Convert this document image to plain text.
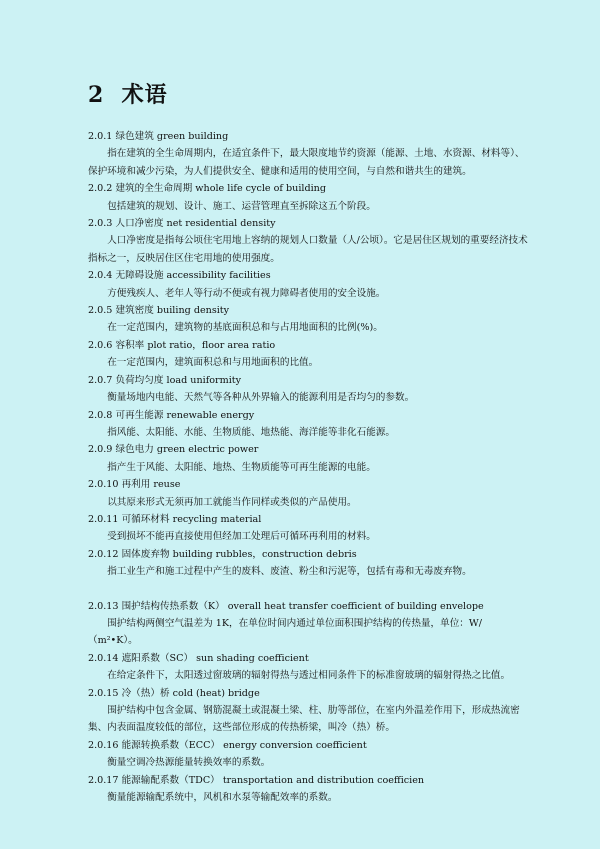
2 术语
2.0.1 绿色建筑 green building
指在建筑的全生命周期内，在适宜条件下，最大限度地节约资源（能源、土地、水资源、材料等）、保护环境和减少污染，为人们提供安全、健康和适用的使用空间，与自然和谐共生的建筑。
2.0.2 建筑的全生命周期 whole life cycle of building
包括建筑的规划、设计、施工、运营管理直至拆除这五个阶段。
2.0.3 人口净密度 net residential density
人口净密度是指每公顷住宅用地上容纳的规划人口数量（人/公顷）。它是居住区规划的重要经济技术指标之一，反映居住区住宅用地的使用强度。
2.0.4 无障碍设施 accessibility facilities
方便残疾人、老年人等行动不便或有视力障碍者使用的安全设施。
2.0.5 建筑密度 builing density
在一定范围内，建筑物的基底面积总和与占用地面积的比例(%)。
2.0.6 容积率 plot ratio，floor area ratio
在一定范围内，建筑面积总和与用地面积的比值。
2.0.7 负荷均匀度 load uniformity
衡量场地内电能、天然气等各种从外界输入的能源利用是否均匀的参数。
2.0.8 可再生能源 renewable energy
指风能、太阳能、水能、生物质能、地热能、海洋能等非化石能源。
2.0.9 绿色电力 green electric power
指产生于风能、太阳能、地热、生物质能等可再生能源的电能。
2.0.10 再利用 reuse
以其原来形式无须再加工就能当作同样或类似的产品使用。
2.0.11 可循环材料 recycling material
受到损坏不能再直接使用但经加工处理后可循环再利用的材料。
2.0.12 固体废弃物 building rubbles，construction debris
指工业生产和施工过程中产生的废料、废渣、粉尘和污泥等，包括有毒和无毒废弃物。
2.0.13 围护结构传热系数（K） overall heat transfer coefficient of building envelope
围护结构两侧空气温差为 1K，在单位时间内通过单位面积围护结构的传热量，单位：W/（m²•K）。
2.0.14 遮阳系数（SC） sun shading coefficient
在给定条件下，太阳透过窗玻璃的辐射得热与透过相同条件下的标准窗玻璃的辐射得热之比值。
2.0.15 冷（热）桥 cold (heat) bridge
围护结构中包含金属、钢筋混凝土或混凝土梁、柱、肋等部位，在室内外温差作用下，形成热流密集、内表面温度较低的部位，这些部位形成的传热桥梁，叫冷（热）桥。
2.0.16 能源转换系数（ECC） energy conversion coefficient
衡量空调冷热源能量转换效率的系数。
2.0.17 能源输配系数（TDC） transportation and distribution coefficien
衡量能源输配系统中，风机和水泵等输配效率的系数。
